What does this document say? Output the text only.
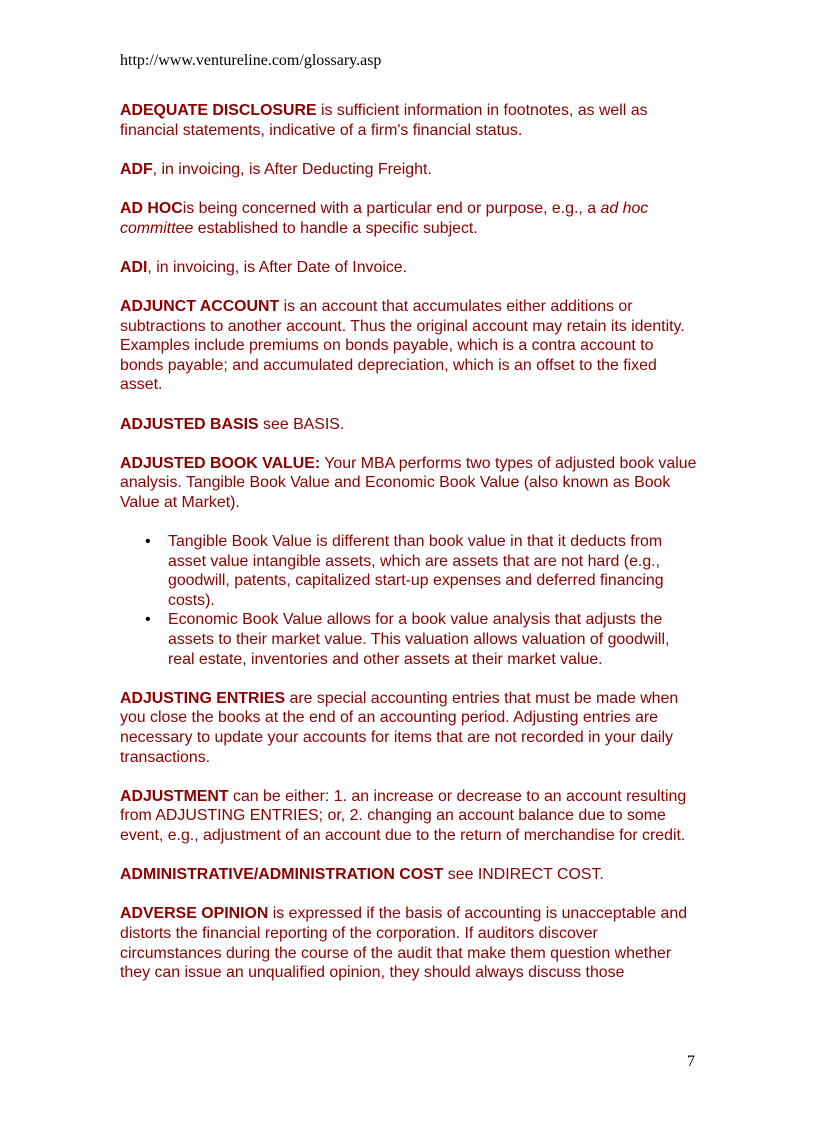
http://www.ventureline.com/glossary.asp

ADEQUATE DISCLOSURE is sufficient information in footnotes, as well as financial statements, indicative of a firm's financial status.

ADF, in invoicing, is After Deducting Freight.

AD HOCis being concerned with a particular end or purpose, e.g., a ad hoc committee established to handle a specific subject.

ADI, in invoicing, is After Date of Invoice.

ADJUNCT ACCOUNT is an account that accumulates either additions or subtractions to another account. Thus the original account may retain its identity. Examples include premiums on bonds payable, which is a contra account to bonds payable; and accumulated depreciation, which is an offset to the fixed asset.

ADJUSTED BASIS see BASIS.

ADJUSTED BOOK VALUE: Your MBA performs two types of adjusted book value analysis. Tangible Book Value and Economic Book Value (also known as Book Value at Market).

• Tangible Book Value is different than book value in that it deducts from asset value intangible assets, which are assets that are not hard (e.g., goodwill, patents, capitalized start-up expenses and deferred financing costs).
• Economic Book Value allows for a book value analysis that adjusts the assets to their market value. This valuation allows valuation of goodwill, real estate, inventories and other assets at their market value.

ADJUSTING ENTRIES are special accounting entries that must be made when you close the books at the end of an accounting period. Adjusting entries are necessary to update your accounts for items that are not recorded in your daily transactions.

ADJUSTMENT can be either: 1. an increase or decrease to an account resulting from ADJUSTING ENTRIES; or, 2. changing an account balance due to some event, e.g., adjustment of an account due to the return of merchandise for credit.

ADMINISTRATIVE/ADMINISTRATION COST see INDIRECT COST.

ADVERSE OPINION is expressed if the basis of accounting is unacceptable and distorts the financial reporting of the corporation. If auditors discover circumstances during the course of the audit that make them question whether they can issue an unqualified opinion, they should always discuss those

7
